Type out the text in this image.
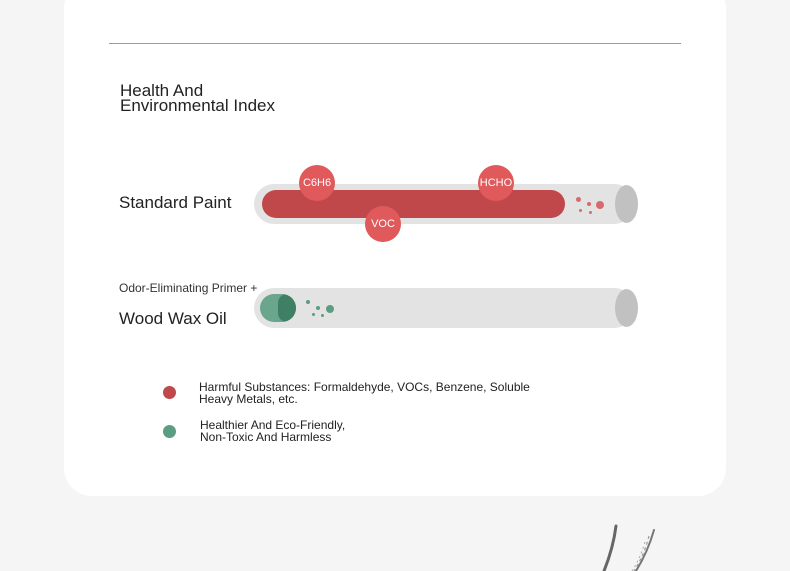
Health And
Environmental Index
Standard Paint
C6H6	HCHO
VOC
Odor-Eliminating Primer +
Wood Wax Oil
Harmful Substances: Formaldehyde, VOCs, Benzene, Soluble
Heavy Metals, etc.
Healthier And Eco-Friendly,
Non-Toxic And Harmless
